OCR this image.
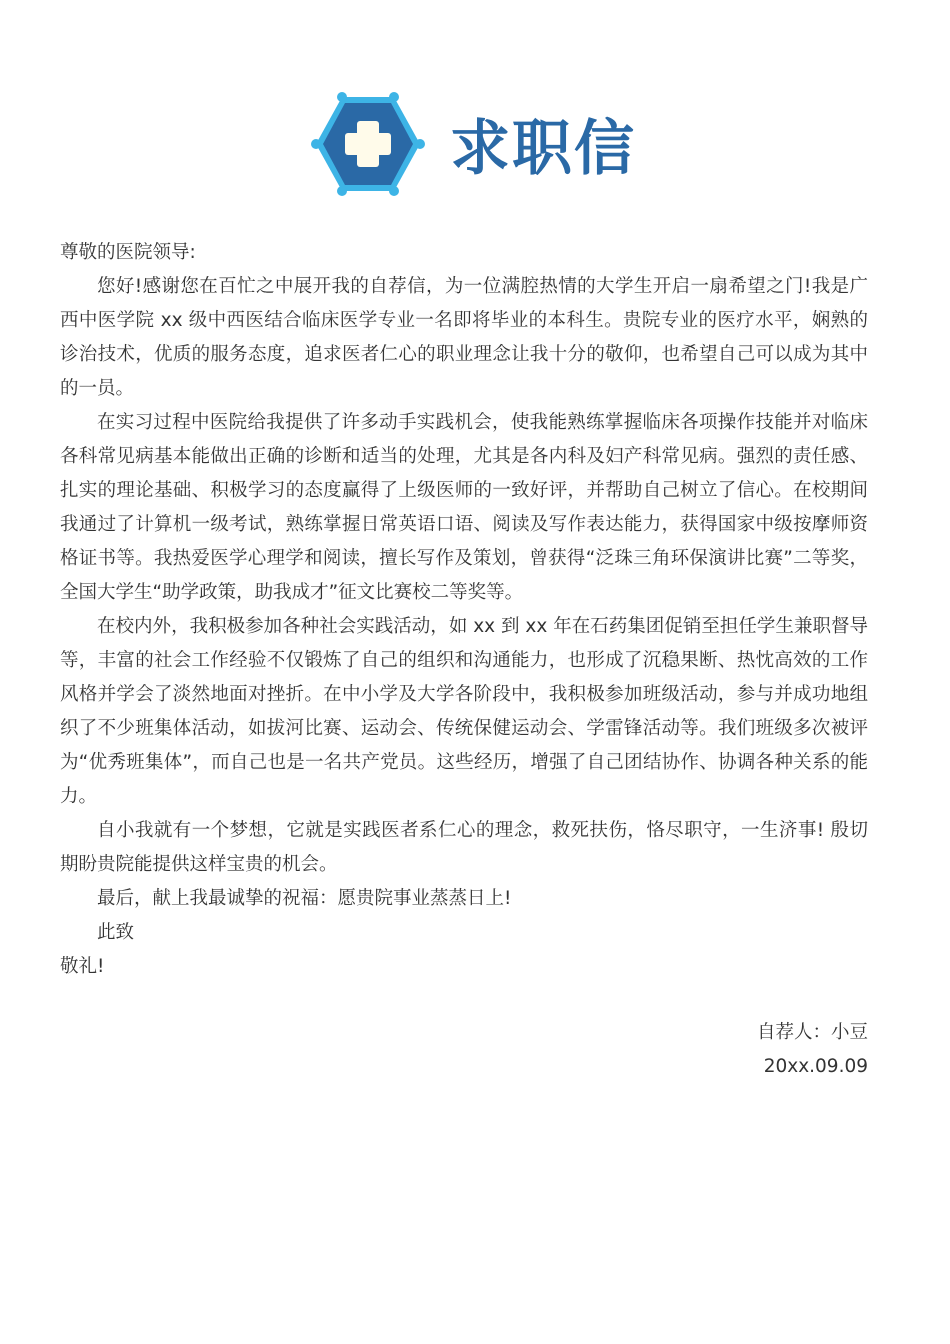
求职信

尊敬的医院领导:

您好!感谢您在百忙之中展开我的自荐信，为一位满腔热情的大学生开启一扇希望之门!我是广西中医学院 xx 级中西医结合临床医学专业一名即将毕业的本科生。贵院专业的医疗水平，娴熟的诊治技术，优质的服务态度，追求医者仁心的职业理念让我十分的敬仰，也希望自己可以成为其中的一员。

在实习过程中医院给我提供了许多动手实践机会，使我能熟练掌握临床各项操作技能并对临床各科常见病基本能做出正确的诊断和适当的处理，尤其是各内科及妇产科常见病。强烈的责任感、扎实的理论基础、积极学习的态度赢得了上级医师的一致好评，并帮助自己树立了信心。在校期间我通过了计算机一级考试，熟练掌握日常英语口语、阅读及写作表达能力，获得国家中级按摩师资格证书等。我热爱医学心理学和阅读，擅长写作及策划，曾获得“泛珠三角环保演讲比赛”二等奖，全国大学生“助学政策，助我成才”征文比赛校二等奖等。

在校内外，我积极参加各种社会实践活动，如 xx 到 xx 年在石药集团促销至担任学生兼职督导等，丰富的社会工作经验不仅锻炼了自己的组织和沟通能力，也形成了沉稳果断、热忱高效的工作风格并学会了淡然地面对挫折。在中小学及大学各阶段中，我积极参加班级活动，参与并成功地组织了不少班集体活动，如拔河比赛、运动会、传统保健运动会、学雷锋活动等。我们班级多次被评为“优秀班集体”，而自己也是一名共产党员。这些经历，增强了自己团结协作、协调各种关系的能力。

自小我就有一个梦想，它就是实践医者系仁心的理念，救死扶伤，恪尽职守，一生济事! 殷切期盼贵院能提供这样宝贵的机会。

最后，献上我最诚挚的祝福：愿贵院事业蒸蒸日上!

此致

敬礼!

自荐人：小豆
20xx.09.09
